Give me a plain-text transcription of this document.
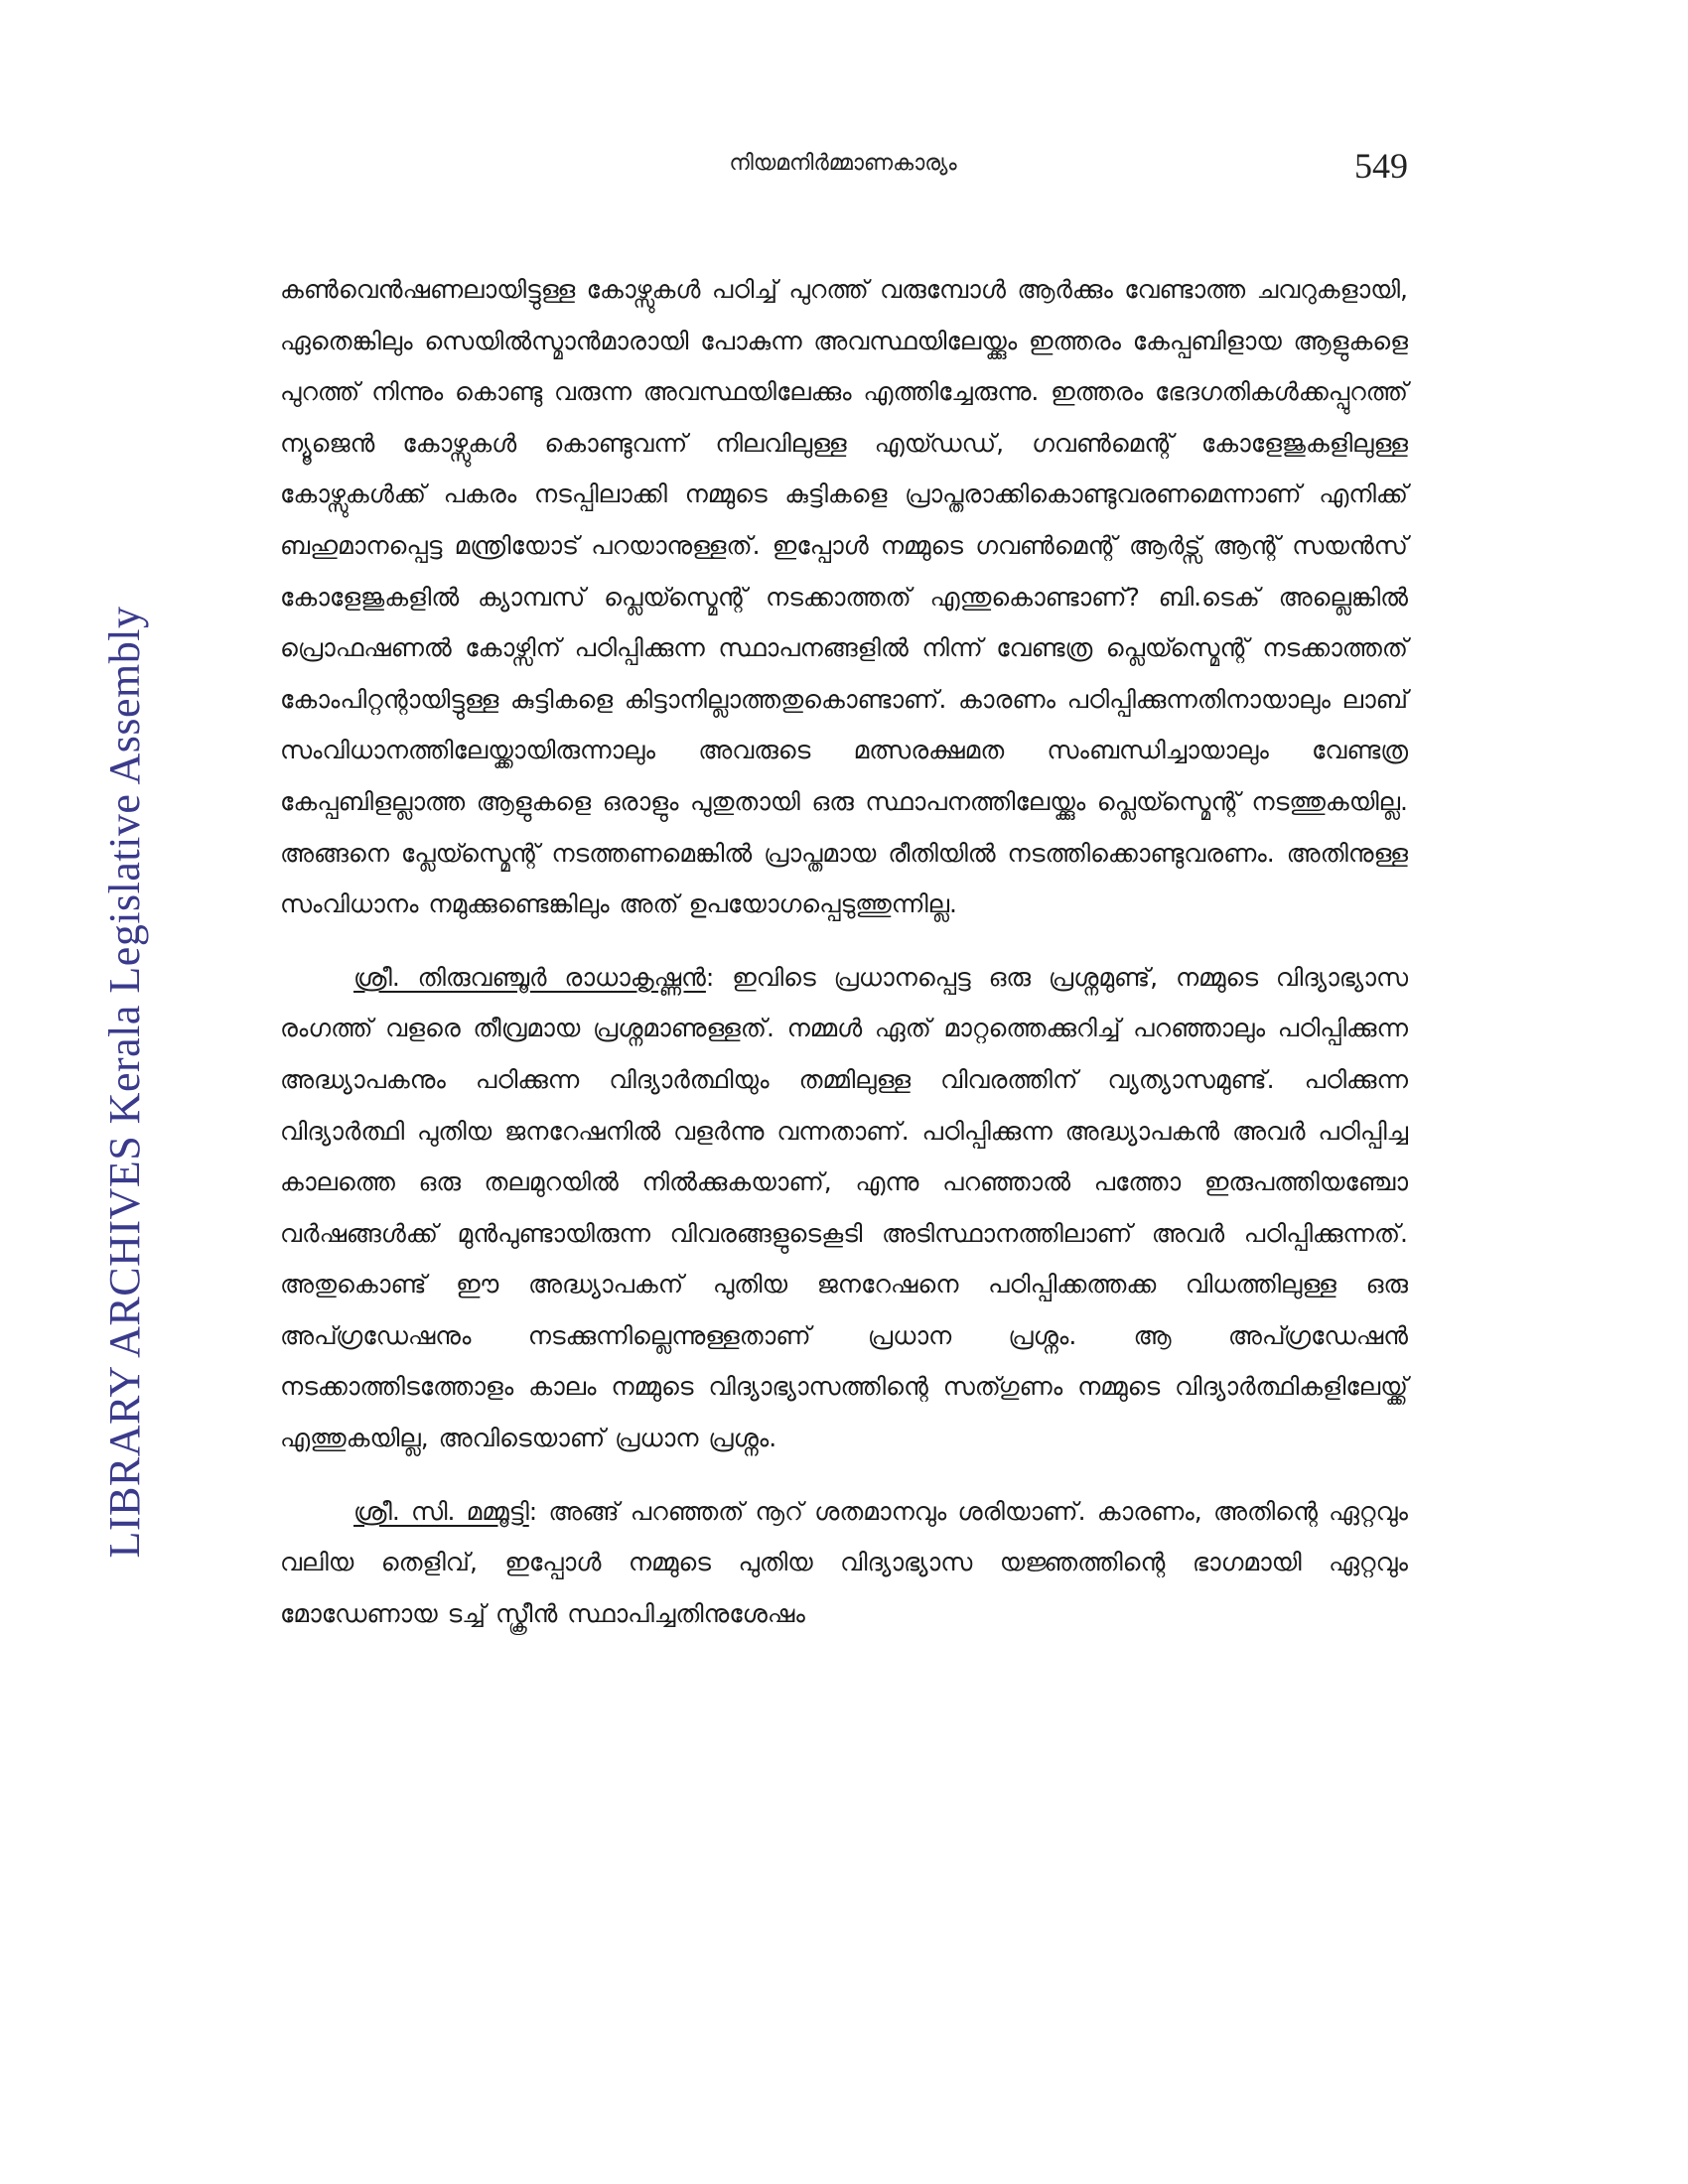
LIBRARY ARCHIVES Kerala Legislative Assembly
നിയമനിർമ്മാണകാര്യം	549

കൺവെൻഷണലായിട്ടുള്ള കോഴ്സുകൾ പഠിച്ച് പുറത്ത് വരുമ്പോൾ ആർക്കും വേണ്ടാത്ത ചവറുകളായി, ഏതെങ്കിലും സെയിൽസ്മാൻമാരായി പോകുന്ന അവസ്ഥയിലേയ്ക്കും ഇത്തരം കേപ്പബിളായ ആളുകളെ പുറത്ത് നിന്നും കൊണ്ടു വരുന്ന അവസ്ഥയിലേക്കും എത്തിച്ചേരുന്നു. ഇത്തരം ഭേദഗതികൾക്കപ്പുറത്ത് ന്യൂജെൻ കോഴ്സുകൾ കൊണ്ടുവന്ന് നിലവിലുള്ള എയ്ഡഡ്, ഗവൺമെന്റ് കോളേജുകളിലുള്ള കോഴ്സുകൾക്ക് പകരം നടപ്പിലാക്കി നമ്മുടെ കുട്ടികളെ പ്രാപ്തരാക്കികൊണ്ടുവരണമെന്നാണ് എനിക്ക് ബഹുമാനപ്പെട്ട മന്ത്രിയോട് പറയാനുള്ളത്. ഇപ്പോൾ നമ്മുടെ ഗവൺമെന്റ് ആർട്സ് ആന്റ് സയൻസ് കോളേജുകളിൽ ക്യാമ്പസ് പ്ലെയ്സ്മെന്റ് നടക്കാത്തത് എന്തുകൊണ്ടാണ്? ബി.ടെക് അല്ലെങ്കിൽ പ്രൊഫഷണൽ കോഴ്സിന് പഠിപ്പിക്കുന്ന സ്ഥാപനങ്ങളിൽ നിന്ന് വേണ്ടത്ര പ്ലെയ്സ്മെന്റ് നടക്കാത്തത് കോംപിറ്റന്റായിട്ടുള്ള കുട്ടികളെ കിട്ടാനില്ലാത്തതുകൊണ്ടാണ്. കാരണം പഠിപ്പിക്കുന്നതിനായാലും ലാബ് സംവിധാനത്തിലേയ്ക്കായിരുന്നാലും അവരുടെ മത്സരക്ഷമത സംബന്ധിച്ചായാലും വേണ്ടത്ര കേപ്പബിളല്ലാത്ത ആളുകളെ ഒരാളും പുതുതായി ഒരു സ്ഥാപനത്തിലേയ്ക്കും പ്ലെയ്സ്മെന്റ് നടത്തുകയില്ല. അങ്ങനെ പ്ലേയ്സ്മെന്റ് നടത്തണമെങ്കിൽ പ്രാപ്തമായ രീതിയിൽ നടത്തിക്കൊണ്ടുവരണം. അതിനുള്ള സംവിധാനം നമുക്കുണ്ടെങ്കിലും അത് ഉപയോഗപ്പെടുത്തുന്നില്ല.

ശ്രീ. തിരുവഞ്ചൂർ രാധാകൃഷ്ണൻ: ഇവിടെ പ്രധാനപ്പെട്ട ഒരു പ്രശ്നമുണ്ട്, നമ്മുടെ വിദ്യാഭ്യാസ രംഗത്ത് വളരെ തീവ്രമായ പ്രശ്നമാണുള്ളത്. നമ്മൾ ഏത് മാറ്റത്തെക്കുറിച്ച് പറഞ്ഞാലും പഠിപ്പിക്കുന്ന അദ്ധ്യാപകനും പഠിക്കുന്ന വിദ്യാർത്ഥിയും തമ്മിലുള്ള വിവരത്തിന് വ്യത്യാസമുണ്ട്. പഠിക്കുന്ന വിദ്യാർത്ഥി പുതിയ ജനറേഷനിൽ വളർന്നു വന്നതാണ്. പഠിപ്പിക്കുന്ന അദ്ധ്യാപകൻ അവർ പഠിപ്പിച്ച കാലത്തെ ഒരു തലമുറയിൽ നിൽക്കുകയാണ്, എന്നു പറഞ്ഞാൽ പത്തോ ഇരുപത്തിയഞ്ചോ വർഷങ്ങൾക്ക് മുൻപുണ്ടായിരുന്ന വിവരങ്ങളുടെകൂടി അടിസ്ഥാനത്തിലാണ് അവർ പഠിപ്പിക്കുന്നത്. അതുകൊണ്ട് ഈ അദ്ധ്യാപകന് പുതിയ ജനറേഷനെ പഠിപ്പിക്കത്തക്ക വിധത്തിലുള്ള ഒരു അപ്ഗ്രഡേഷനും നടക്കുന്നില്ലെന്നുള്ളതാണ് പ്രധാന പ്രശ്നം. ആ അപ്ഗ്രഡേഷൻ നടക്കാത്തിടത്തോളം കാലം നമ്മുടെ വിദ്യാഭ്യാസത്തിന്റെ സത്ഗുണം നമ്മുടെ വിദ്യാർത്ഥികളിലേയ്ക്ക് എത്തുകയില്ല, അവിടെയാണ് പ്രധാന പ്രശ്നം.

ശ്രീ. സി. മമ്മൂട്ടി: അങ്ങ് പറഞ്ഞത് നൂറ് ശതമാനവും ശരിയാണ്. കാരണം, അതിന്റെ ഏറ്റവും വലിയ തെളിവ്, ഇപ്പോൾ നമ്മുടെ പുതിയ വിദ്യാഭ്യാസ യജ്ഞത്തിന്റെ ഭാഗമായി ഏറ്റവും മോഡേണായ ടച്ച് സ്ക്രീൻ സ്ഥാപിച്ചതിനുശേഷം
